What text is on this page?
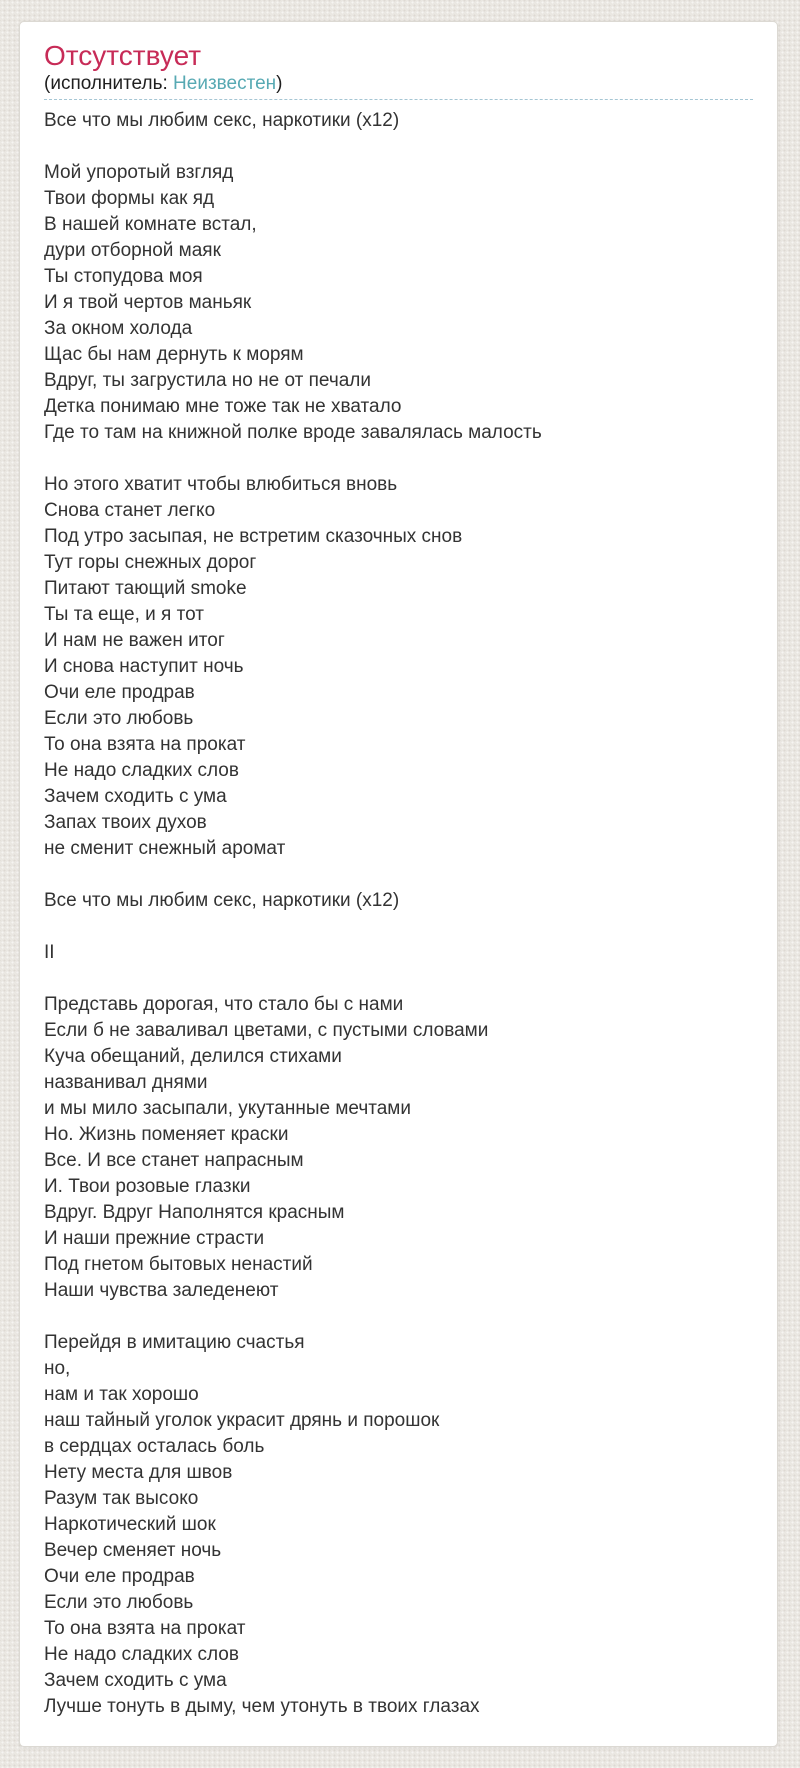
Отсутствует
(исполнитель: Неизвестен)
Все что мы любим секс, наркотики (х12)

Мой упоротый взгляд
Твои формы как яд
В нашей комнате встал,
дури отборной маяк
Ты стопудова моя
И я твой чертов маньяк
За окном холода
Щас бы нам дернуть к морям
Вдруг, ты загрустила но не от печали
Детка понимаю мне тоже так не хватало
Где то там на книжной полке вроде завалялась малость

Но этого хватит чтобы влюбиться вновь
Снова станет легко
Под утро засыпая, не встретим сказочных снов
Тут горы снежных дорог
Питают тающий smoke
Ты та еще, и я тот
И нам не важен итог
И снова наступит ночь
Очи еле продрав
Если это любовь
То она взята на прокат
Не надо сладких слов
Зачем сходить с ума
Запах твоих духов
не сменит снежный аромат

Все что мы любим секс, наркотики (х12)

II

Представь дорогая, что стало бы с нами
Если б не заваливал цветами, с пустыми словами
Куча обещаний, делился стихами
названивал днями
и мы мило засыпали, укутанные мечтами
Но. Жизнь поменяет краски
Все. И все станет напрасным
И. Твои розовые глазки
Вдруг. Вдруг Наполнятся красным
И наши прежние страсти
Под гнетом бытовых ненастий
Наши чувства заледенеют

Перейдя в имитацию счастья
но,
нам и так хорошо
наш тайный уголок украсит дрянь и порошок
в сердцах осталась боль
Нету места для швов
Разум так высоко
Наркотический шок
Вечер сменяет ночь
Очи еле продрав
Если это любовь
То она взята на прокат
Не надо сладких слов
Зачем сходить с ума
Лучше тонуть в дыму, чем утонуть в твоих глазах
